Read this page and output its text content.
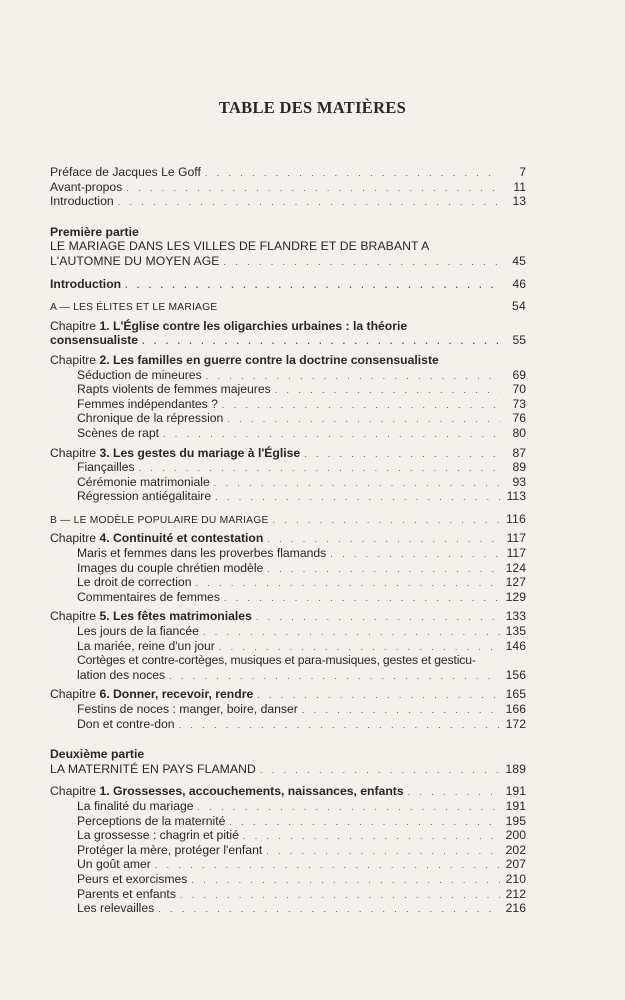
TABLE DES MATIÈRES
Préface de Jacques Le Goff . . .	7
Avant-propos . . .	11
Introduction . . .	13
Première partie
LE MARIAGE DANS LES VILLES DE FLANDRE ET DE BRABANT A
L'AUTOMNE DU MOYEN AGE . . .	45
Introduction . . .	46
A — LES ÉLITES ET LE MARIAGE	54
Chapitre 1. L'Église contre les oligarchies urbaines : la théorie
consensualiste . . .	55
Chapitre 2. Les familles en guerre contre la doctrine consensualiste
Séduction de mineures . . .	69
Rapts violents de femmes majeures . . .	70
Femmes indépendantes ? . . .	73
Chronique de la répression . . .	76
Scènes de rapt . . .	80
Chapitre 3. Les gestes du mariage à l'Église . . .	87
Fiançailles . . .	89
Cérémonie matrimoniale . . .	93
Régression antiégalitaire . . .	113
B — LE MODÈLE POPULAIRE DU MARIAGE . . .	116
Chapitre 4. Continuité et contestation . . .	117
Maris et femmes dans les proverbes flamands . . .	117
Images du couple chrétien modèle . . .	124
Le droit de correction . . .	127
Commentaires de femmes . . .	129
Chapitre 5. Les fêtes matrimoniales . . .	133
Les jours de la fiancée . . .	135
La mariée, reine d'un jour . . .	146
Cortèges et contre-cortèges, musiques et para-musiques, gestes et gesticu-
lation des noces . . .	156
Chapitre 6. Donner, recevoir, rendre . . .	165
Festins de noces : manger, boire, danser . . .	166
Don et contre-don . . .	172
Deuxième partie
LA MATERNITÉ EN PAYS FLAMAND . . .	189
Chapitre 1. Grossesses, accouchements, naissances, enfants . . .	191
La finalité du mariage . . .	191
Perceptions de la maternité . . .	195
La grossesse : chagrin et pitié . . .	200
Protéger la mère, protéger l'enfant . . .	202
Un goût amer . . .	207
Peurs et exorcismes . . .	210
Parents et enfants . . .	212
Les relevailles . . .	216
